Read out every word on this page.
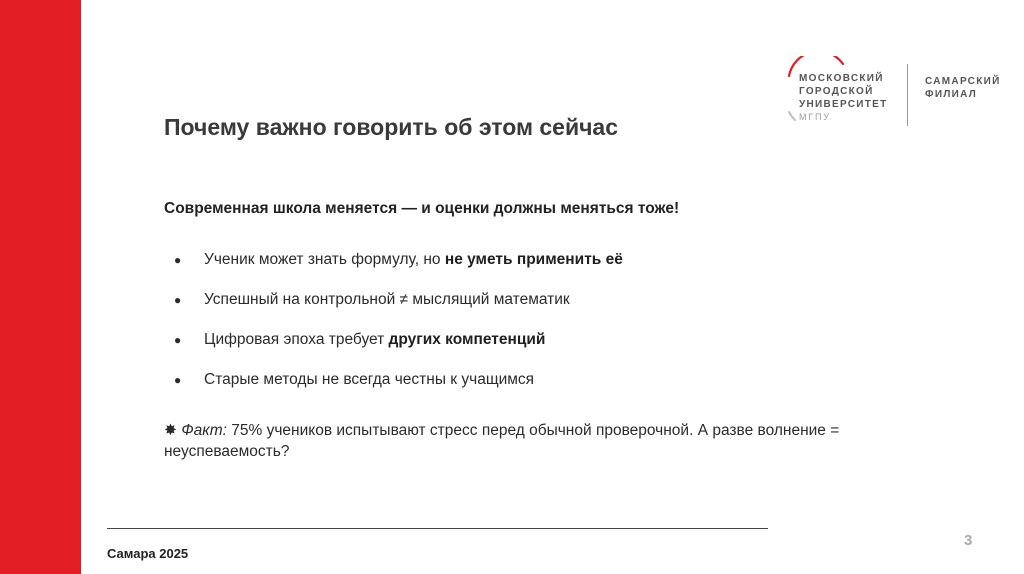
Почему важно говорить об этом сейчас
МОСКОВСКИЙ
ГОРОДСКОЙ
УНИВЕРСИТЕТ
МГПУ
САМАРСКИЙ
ФИЛИАЛ
Современная школа меняется — и оценки должны меняться тоже!
● Ученик может знать формулу, но не уметь применить её
● Успешный на контрольной ≠ мыслящий математик
● Цифровая эпоха требует других компетенций
● Старые методы не всегда честны к учащимся
✸ Факт: 75% учеников испытывают стресс перед обычной проверочной. А разве волнение = неуспеваемость?
Самара 2025
3
